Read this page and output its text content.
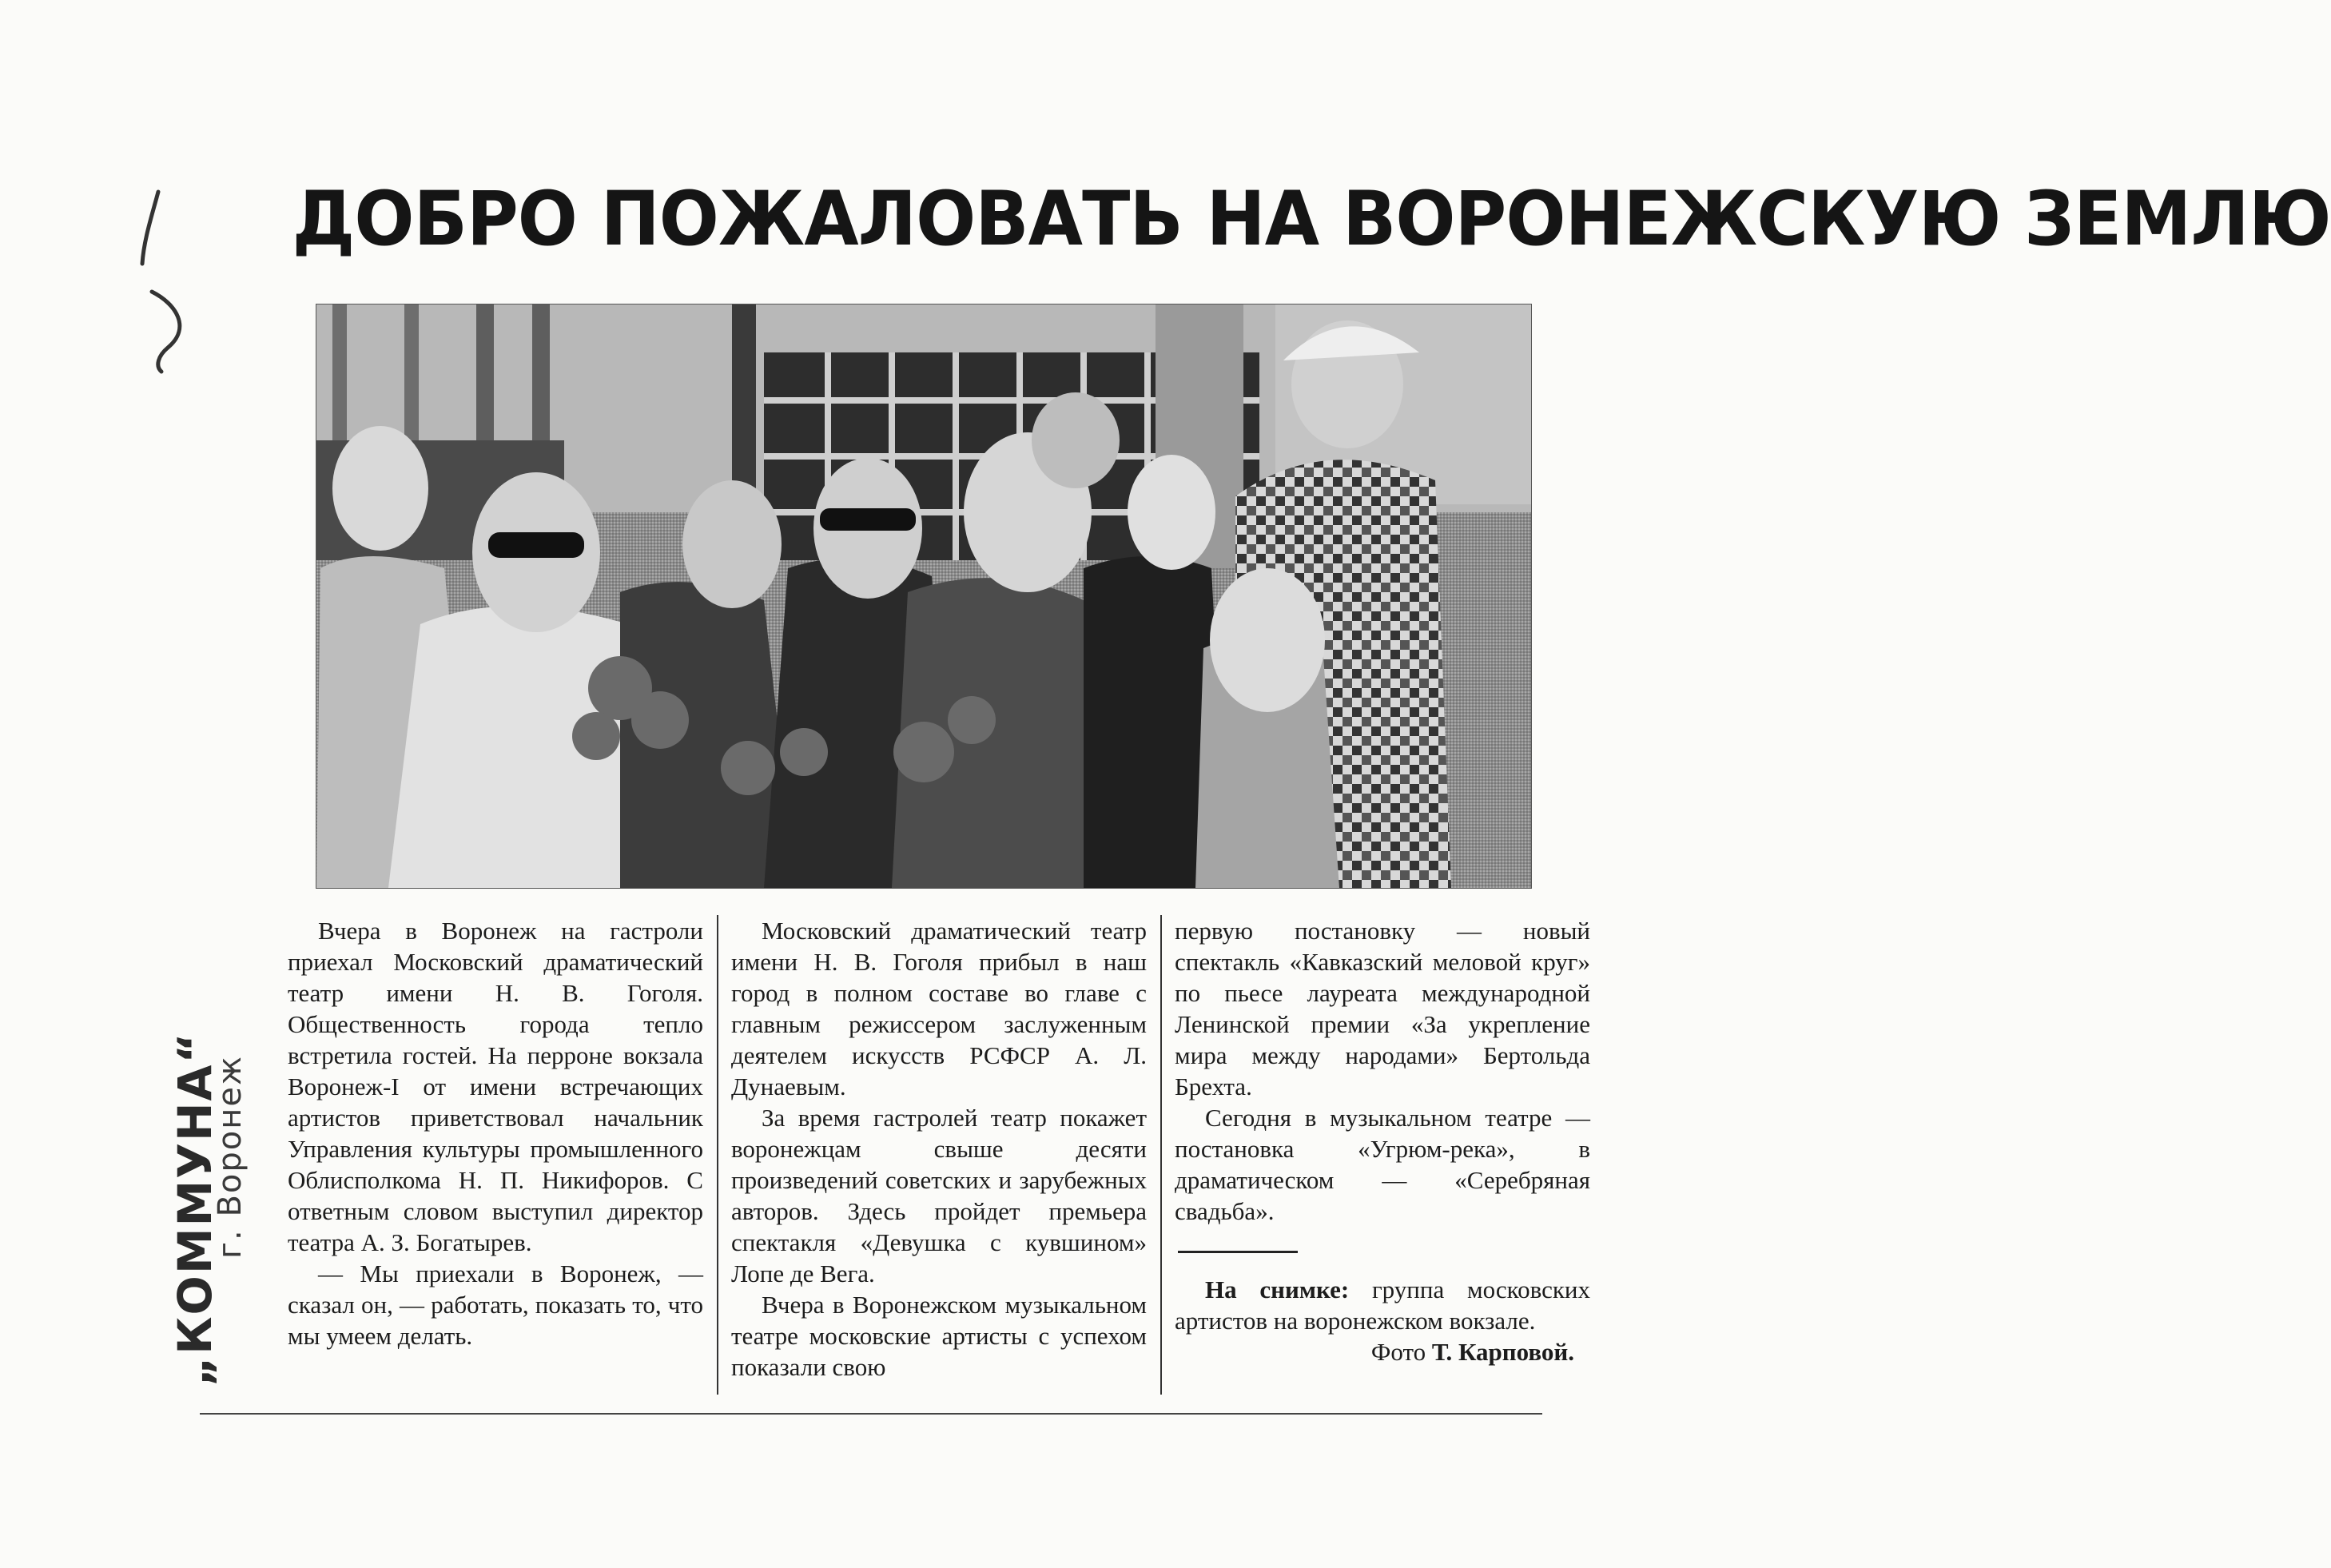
„КОММУНА“
г. Воронеж
ДОБРО ПОЖАЛОВАТЬ НА ВОРОНЕЖСКУЮ ЗЕМЛЮ

Вчера в Воронеж на гастроли приехал Московский драматический театр имени Н. В. Гоголя. Общественность города тепло встретила гостей. На перроне вокзала Воронеж-I от имени встречающих артистов приветствовал начальник Управления культуры промышленного Облисполкома Н. П. Никифоров. С ответным словом выступил директор театра А. З. Богатырев.

— Мы приехали в Воронеж, — сказал он, — работать, показать то, что мы умеем делать.

Московский драматический театр имени Н. В. Гоголя прибыл в наш город в полном составе во главе с главным режиссером заслуженным деятелем искусств РСФСР А. Л. Дунаевым.

За время гастролей театр покажет воронежцам свыше десяти произведений советских и зарубежных авторов. Здесь пройдет премьера спектакля «Девушка с кувшином» Лопе де Вега.

Вчера в Воронежском музыкальном театре московские артисты с успехом показали свою

первую постановку — новый спектакль «Кавказский меловой круг» по пьесе лауреата международной Ленинской премии «За укрепление мира между народами» Бертольда Брехта.

Сегодня в музыкальном театре — постановка «Угрюм-река», в драматическом — «Серебряная свадьба».

На снимке: группа московских артистов на воронежском вокзале.

Фото Т. Карповой.
